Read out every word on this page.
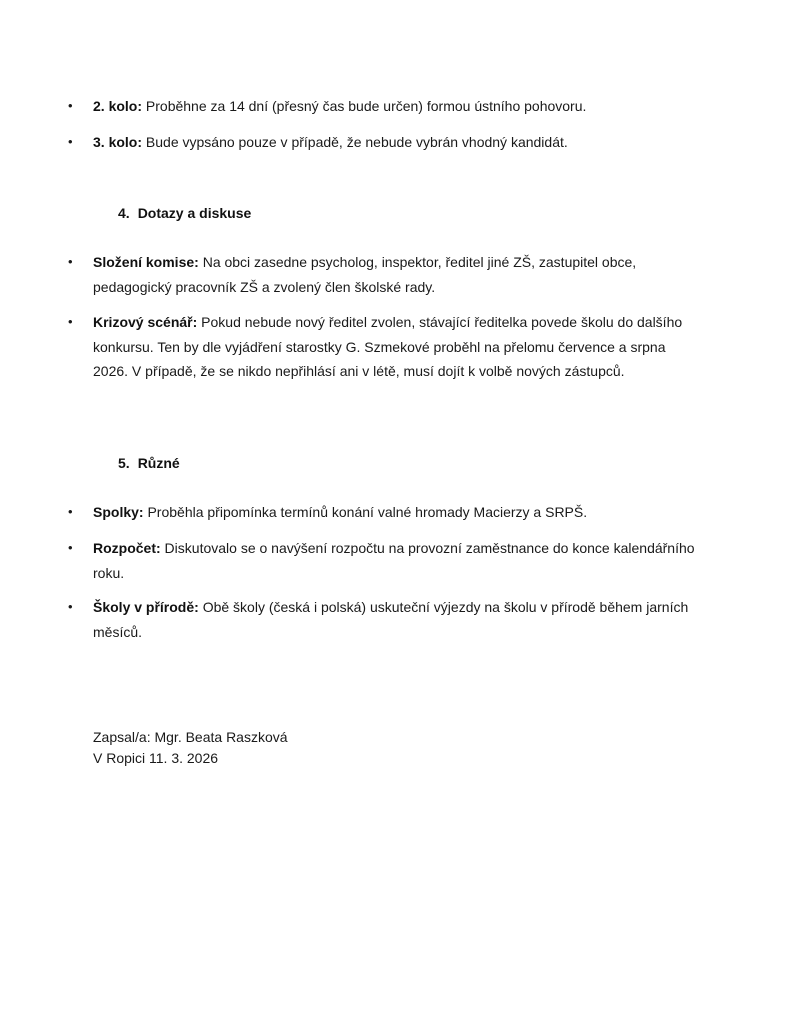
• 2. kolo: Proběhne za 14 dní (přesný čas bude určen) formou ústního pohovoru.
• 3. kolo: Bude vypsáno pouze v případě, že nebude vybrán vhodný kandidát.
4. Dotazy a diskuse
• Složení komise: Na obci zasedne psycholog, inspektor, ředitel jiné ZŠ, zastupitel obce, pedagogický pracovník ZŠ a zvolený člen školské rady.
• Krizový scénář: Pokud nebude nový ředitel zvolen, stávající ředitelka povede školu do dalšího konkursu. Ten by dle vyjádření starostky G. Szmekové proběhl na přelomu července a srpna 2026. V případě, že se nikdo nepřihlásí ani v létě, musí dojít k volbě nových zástupců.
5. Různé
• Spolky: Proběhla připomínka termínů konání valné hromady Macierzy a SRPŠ.
• Rozpočet: Diskutovalo se o navýšení rozpočtu na provozní zaměstnance do konce kalendářního roku.
• Školy v přírodě: Obě školy (česká i polská) uskuteční výjezdy na školu v přírodě během jarních měsíců.
Zapsal/a: Mgr. Beata Raszková
V Ropici 11. 3. 2026
